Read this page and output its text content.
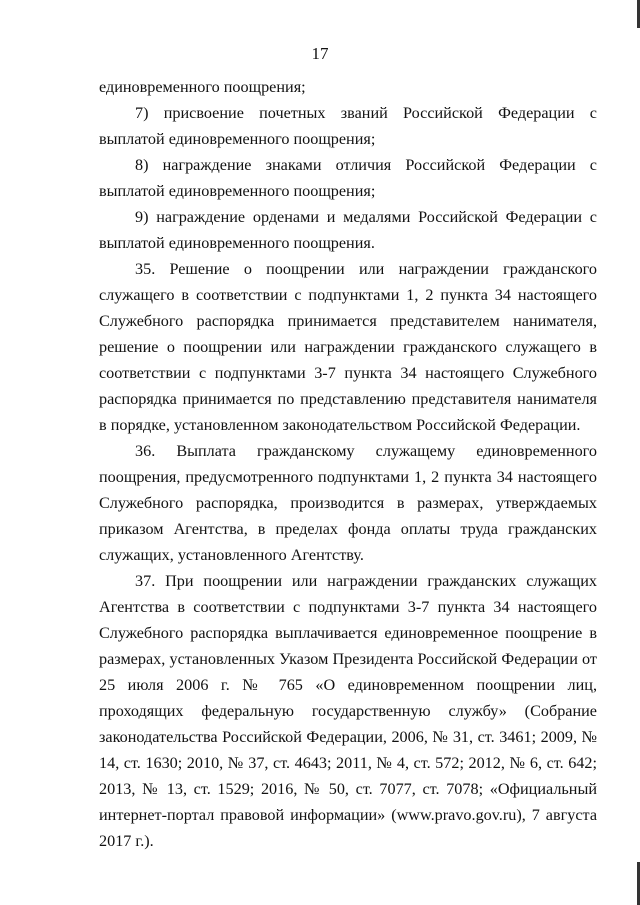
17

единовременного поощрения;

7) присвоение почетных званий Российской Федерации с выплатой единовременного поощрения;

8) награждение знаками отличия Российской Федерации с выплатой единовременного поощрения;

9) награждение орденами и медалями Российской Федерации с выплатой единовременного поощрения.

35. Решение о поощрении или награждении гражданского служащего в соответствии с подпунктами 1, 2 пункта 34 настоящего Служебного распорядка принимается представителем нанимателя, решение о поощрении или награждении гражданского служащего в соответствии с подпунктами 3-7 пункта 34 настоящего Служебного распорядка принимается по представлению представителя нанимателя в порядке, установленном законодательством Российской Федерации.

36. Выплата гражданскому служащему единовременного поощрения, предусмотренного подпунктами 1, 2 пункта 34 настоящего Служебного распорядка, производится в размерах, утверждаемых приказом Агентства, в пределах фонда оплаты труда гражданских служащих, установленного Агентству.

37. При поощрении или награждении гражданских служащих Агентства в соответствии с подпунктами 3-7 пункта 34 настоящего Служебного распорядка выплачивается единовременное поощрение в размерах, установленных Указом Президента Российской Федерации от 25 июля 2006 г. № 765 «О единовременном поощрении лиц, проходящих федеральную государственную службу» (Собрание законодательства Российской Федерации, 2006, № 31, ст. 3461; 2009, № 14, ст. 1630; 2010, № 37, ст. 4643; 2011, № 4, ст. 572; 2012, № 6, ст. 642; 2013, № 13, ст. 1529; 2016, № 50, ст. 7077, ст. 7078; «Официальный интернет-портал правовой информации» (www.pravo.gov.ru), 7 августа 2017 г.).
